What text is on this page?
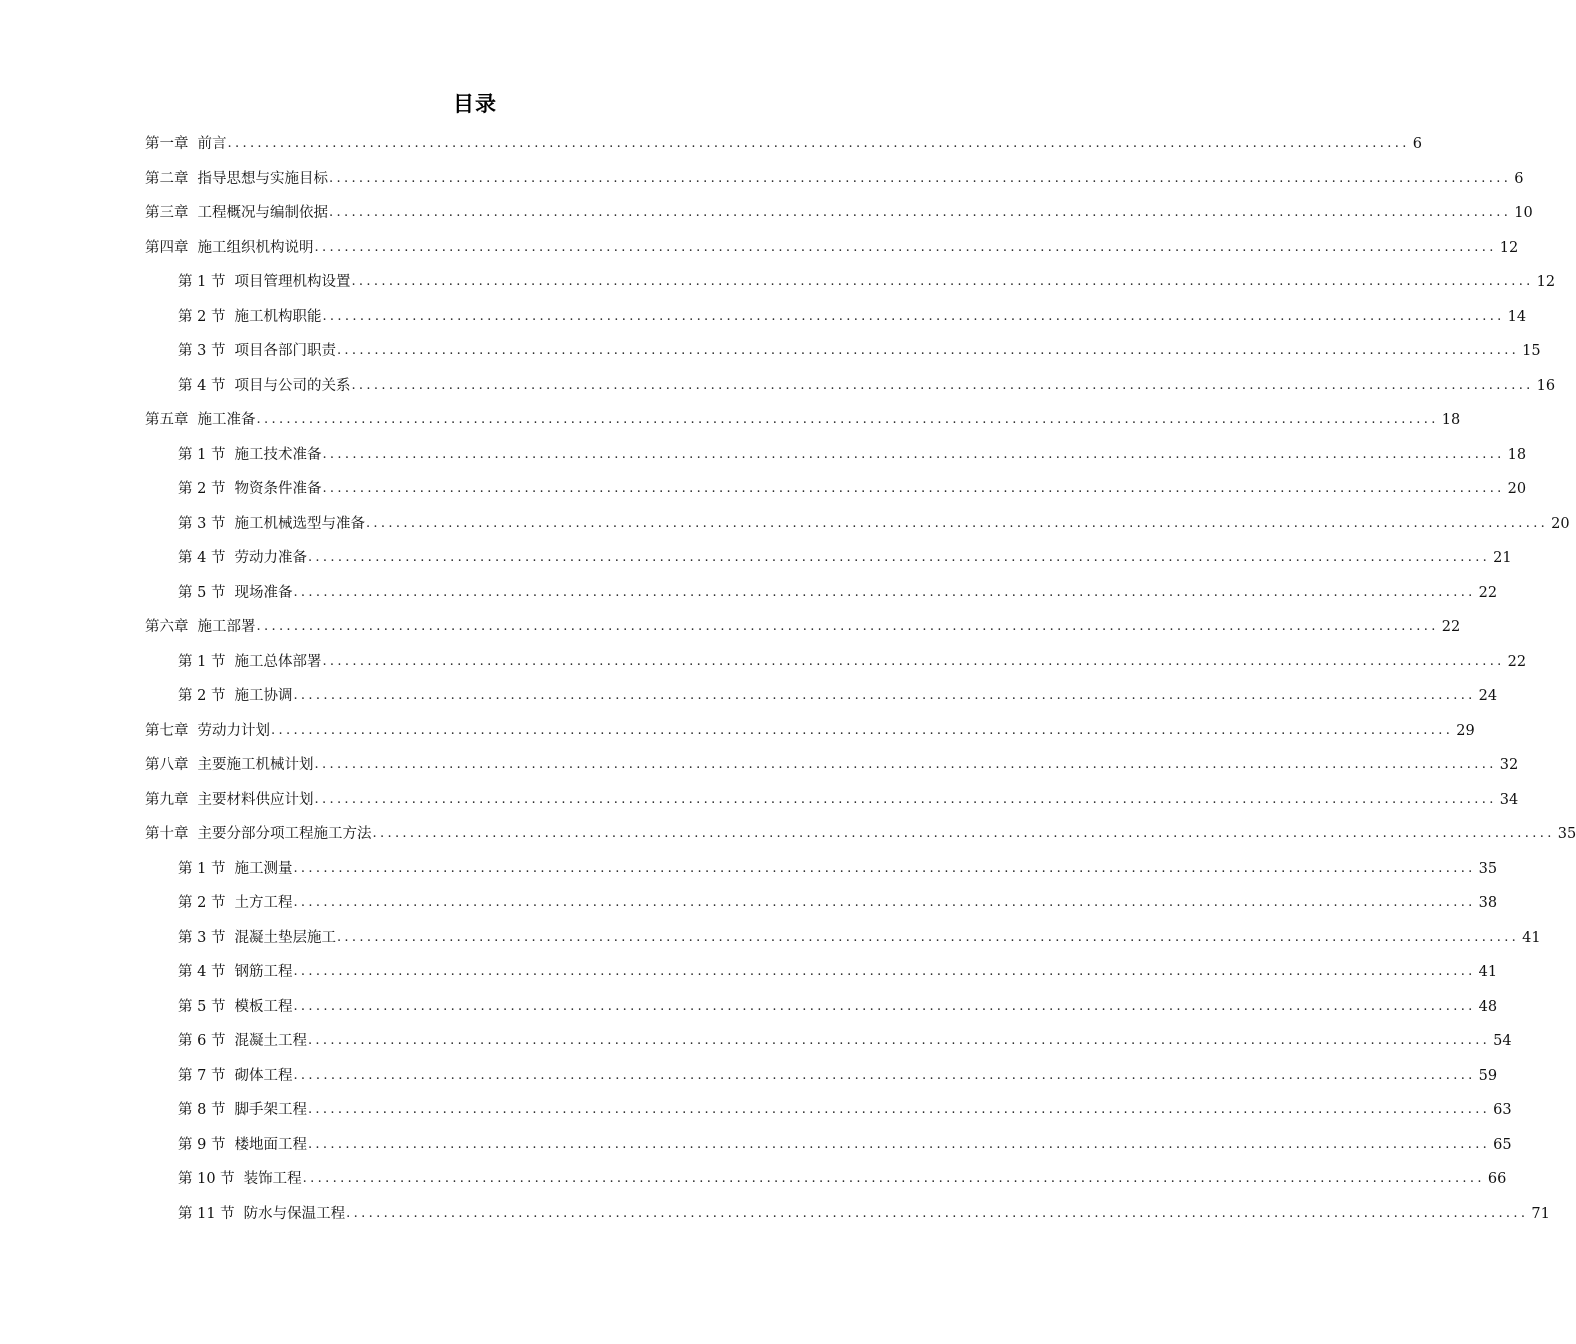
目录
第一章 前言 .............................................................................................................................................................. 6
第二章 指导思想与实施目标 .............................................................................................................................................................. 6
第三章 工程概况与编制依据 .............................................................................................................................................................. 10
第四章 施工组织机构说明 .............................................................................................................................................................. 12
第 1 节 项目管理机构设置 .............................................................................................................................................................. 12
第 2 节 施工机构职能 .............................................................................................................................................................. 14
第 3 节 项目各部门职责 .............................................................................................................................................................. 15
第 4 节 项目与公司的关系 .............................................................................................................................................................. 16
第五章 施工准备 .............................................................................................................................................................. 18
第 1 节 施工技术准备 .............................................................................................................................................................. 18
第 2 节 物资条件准备 .............................................................................................................................................................. 20
第 3 节 施工机械选型与准备 .............................................................................................................................................................. 20
第 4 节 劳动力准备 .............................................................................................................................................................. 21
第 5 节 现场准备 .............................................................................................................................................................. 22
第六章 施工部署 .............................................................................................................................................................. 22
第 1 节 施工总体部署 .............................................................................................................................................................. 22
第 2 节 施工协调 .............................................................................................................................................................. 24
第七章 劳动力计划 .............................................................................................................................................................. 29
第八章 主要施工机械计划 .............................................................................................................................................................. 32
第九章 主要材料供应计划 .............................................................................................................................................................. 34
第十章 主要分部分项工程施工方法 .............................................................................................................................................................. 35
第 1 节 施工测量 .............................................................................................................................................................. 35
第 2 节 土方工程 .............................................................................................................................................................. 38
第 3 节 混凝土垫层施工 .............................................................................................................................................................. 41
第 4 节 钢筋工程 .............................................................................................................................................................. 41
第 5 节 模板工程 .............................................................................................................................................................. 48
第 6 节 混凝土工程 .............................................................................................................................................................. 54
第 7 节 砌体工程 .............................................................................................................................................................. 59
第 8 节 脚手架工程 .............................................................................................................................................................. 63
第 9 节 楼地面工程 .............................................................................................................................................................. 65
第 10 节 装饰工程 .............................................................................................................................................................. 66
第 11 节 防水与保温工程 .............................................................................................................................................................. 71
